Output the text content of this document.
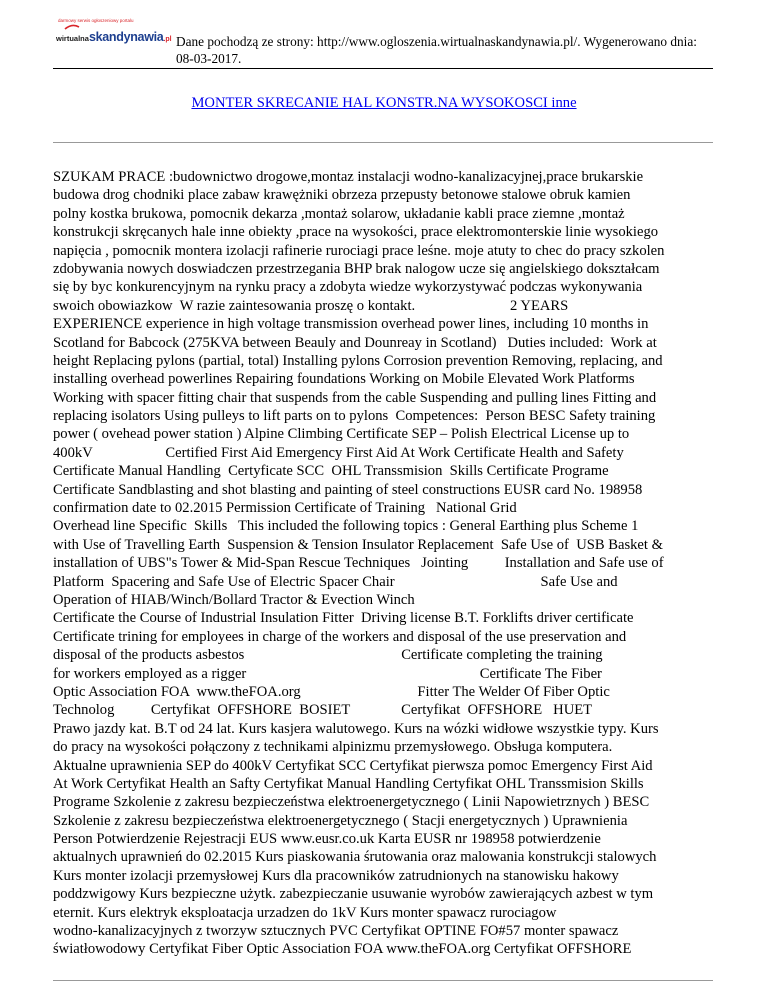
darmowy serwis ogłoszeniowy portalu
wirtualnaskandynawia.pl Dane pochodzą ze strony: http://www.ogloszenia.wirtualnaskandynawia.pl/. Wygenerowano dnia:
08-03-2017.
MONTER SKRECANIE HAL KONSTR.NA WYSOKOSCI inne
SZUKAM PRACE :budownictwo drogowe,montaz instalacji wodno-kanalizacyjnej,prace brukarskie
budowa drog chodniki place zabaw krawężniki obrzeza przepusty betonowe stalowe obruk kamien
polny kostka brukowa, pomocnik dekarza ,montaż solarow, układanie kabli prace ziemne ,montaż
konstrukcji skręcanych hale inne obiekty ,prace na wysokości, prace elektromonterskie linie wysokiego
napięcia , pomocnik montera izolacji rafinerie rurociagi prace leśne. moje atuty to chec do pracy szkolen
zdobywania nowych doswiadczen przestrzegania BHP brak nalogow ucze się angielskiego dokształcam
się by byc konkurencyjnym na rynku pracy a zdobyta wiedze wykorzystywać podczas wykonywania
swoich obowiazkow  W razie zaintesowania proszę o kontakt.                          2 YEARS
EXPERIENCE experience in high voltage transmission overhead power lines, including 10 months in
Scotland for Babcock (275KVA between Beauly and Dounreay in Scotland)   Duties included:  Work at
height Replacing pylons (partial, total) Installing pylons Corrosion prevention Removing, replacing, and
installing overhead powerlines Repairing foundations Working on Mobile Elevated Work Platforms
Working with spacer fitting chair that suspends from the cable Suspending and pulling lines Fitting and
replacing isolators Using pulleys to lift parts on to pylons  Competences:  Person BESC Safety training
power ( ovehead power station ) Alpine Climbing Certificate SEP – Polish Electrical License up to
400kV                    Certified First Aid Emergency First Aid At Work Certificate Health and Safety
Certificate Manual Handling  Certyficate SCC  OHL Transsmision  Skills Certificate Programe
Certificate Sandblasting and shot blasting and painting of steel constructions EUSR card No. 198958
confirmation date to 02.2015 Permission Certificate of Training   National Grid
Overhead line Specific  Skills   This included the following topics : General Earthing plus Scheme 1
with Use of Travelling Earth  Suspension & Tension Insulator Replacement  Safe Use of  USB Basket &
installation of UBS"s Tower & Mid-Span Rescue Techniques   Jointing          Installation and Safe use of
Platform  Spacering and Safe Use of Electric Spacer Chair                                        Safe Use and
Operation of HIAB/Winch/Bollard Tractor & Evection Winch
Certificate the Course of Industrial Insulation Fitter  Driving license B.T. Forklifts driver certificate
Certificate trining for employees in charge of the workers and disposal of the use preservation and
disposal of the products asbestos                                           Certificate completing the training
for workers employed as a rigger                                                                Certificate The Fiber
Optic Association FOA  www.theFOA.org                                Fitter The Welder Of Fiber Optic
Technolog          Certyfikat  OFFSHORE  BOSIET              Certyfikat  OFFSHORE   HUET
Prawo jazdy kat. B.T od 24 lat. Kurs kasjera walutowego. Kurs na wózki widłowe wszystkie typy. Kurs
do pracy na wysokości połączony z technikami alpinizmu przemysłowego. Obsługa komputera.
Aktualne uprawnienia SEP do 400kV Certyfikat SCC Certyfikat pierwsza pomoc Emergency First Aid
At Work Certyfikat Health an Safty Certyfikat Manual Handling Certyfikat OHL Transsmision Skills
Programe Szkolenie z zakresu bezpieczeństwa elektroenergetycznego ( Linii Napowietrznych ) BESC
Szkolenie z zakresu bezpieczeństwa elektroenergetycznego ( Stacji energetycznych ) Uprawnienia
Person Potwierdzenie Rejestracji EUS www.eusr.co.uk Karta EUSR nr 198958 potwierdzenie
aktualnych uprawnień do 02.2015 Kurs piaskowania śrutowania oraz malowania konstrukcji stalowych
Kurs monter izolacji przemysłowej Kurs dla pracowników zatrudnionych na stanowisku hakowy
poddzwigowy Kurs bezpieczne użytk. zabezpieczanie usuwanie wyrobów zawierających azbest w tym
eternit. Kurs elektryk eksploatacja urzadzen do 1kV Kurs monter spawacz rurociagow
wodno-kanalizacyjnych z tworzyw sztucznych PVC Certyfikat OPTINE FO#57 monter spawacz
światłowodowy Certyfikat Fiber Optic Association FOA www.theFOA.org Certyfikat OFFSHORE
